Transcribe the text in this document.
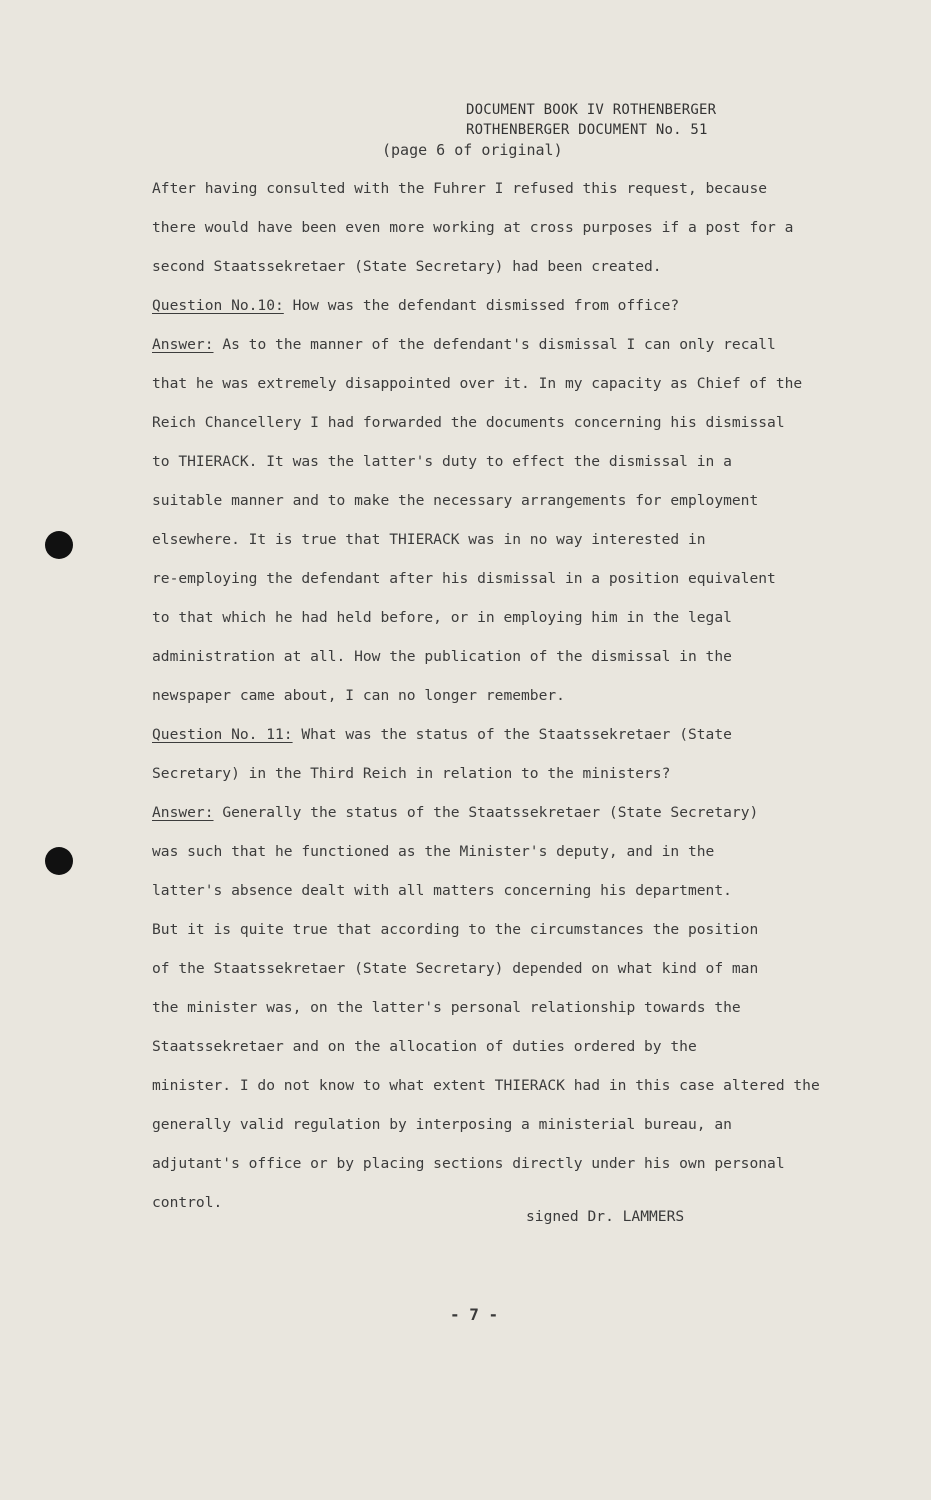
DOCUMENT BOOK IV ROTHENBERGER
ROTHENBERGER DOCUMENT No. 51
(page 6 of original)
After having consulted with the Fuhrer I refused this request, because
there would have been even more working at cross purposes if a post for a
second Staatssekretaer (State Secretary) had been created.
Question No.10: How was the defendant dismissed from office?
Answer: As to the manner of the defendant's dismissal I can only recall
that he was extremely disappointed over it. In my capacity as Chief of the
Reich Chancellery I had forwarded the documents concerning his dismissal
to THIERACK. It was the latter's duty to effect the dismissal in a
suitable manner and to make the necessary arrangements for employment
elsewhere. It is true that THIERACK was in no way interested in
re-employing the defendant after his dismissal in a position equivalent
to that which he had held before, or in employing him in the legal
administration at all. How the publication of the dismissal in the
newspaper came about, I can no longer remember.
Question No. 11: What was the status of the Staatssekretaer (State
Secretary) in the Third Reich in relation to the ministers?
Answer: Generally the status of the Staatssekretaer (State Secretary)
was such that he functioned as the Minister's deputy, and in the
latter's absence dealt with all matters concerning his department.
But it is quite true that according to the circumstances the position
of the Staatssekretaer (State Secretary) depended on what kind of man
the minister was, on the latter's personal relationship towards the
Staatssekretaer and on the allocation of duties ordered by the
minister. I do not know to what extent THIERACK had in this case altered the
generally valid regulation by interposing a ministerial bureau, an
adjutant's office or by placing sections directly under his own personal
control.
signed Dr. LAMMERS
- 7 -
